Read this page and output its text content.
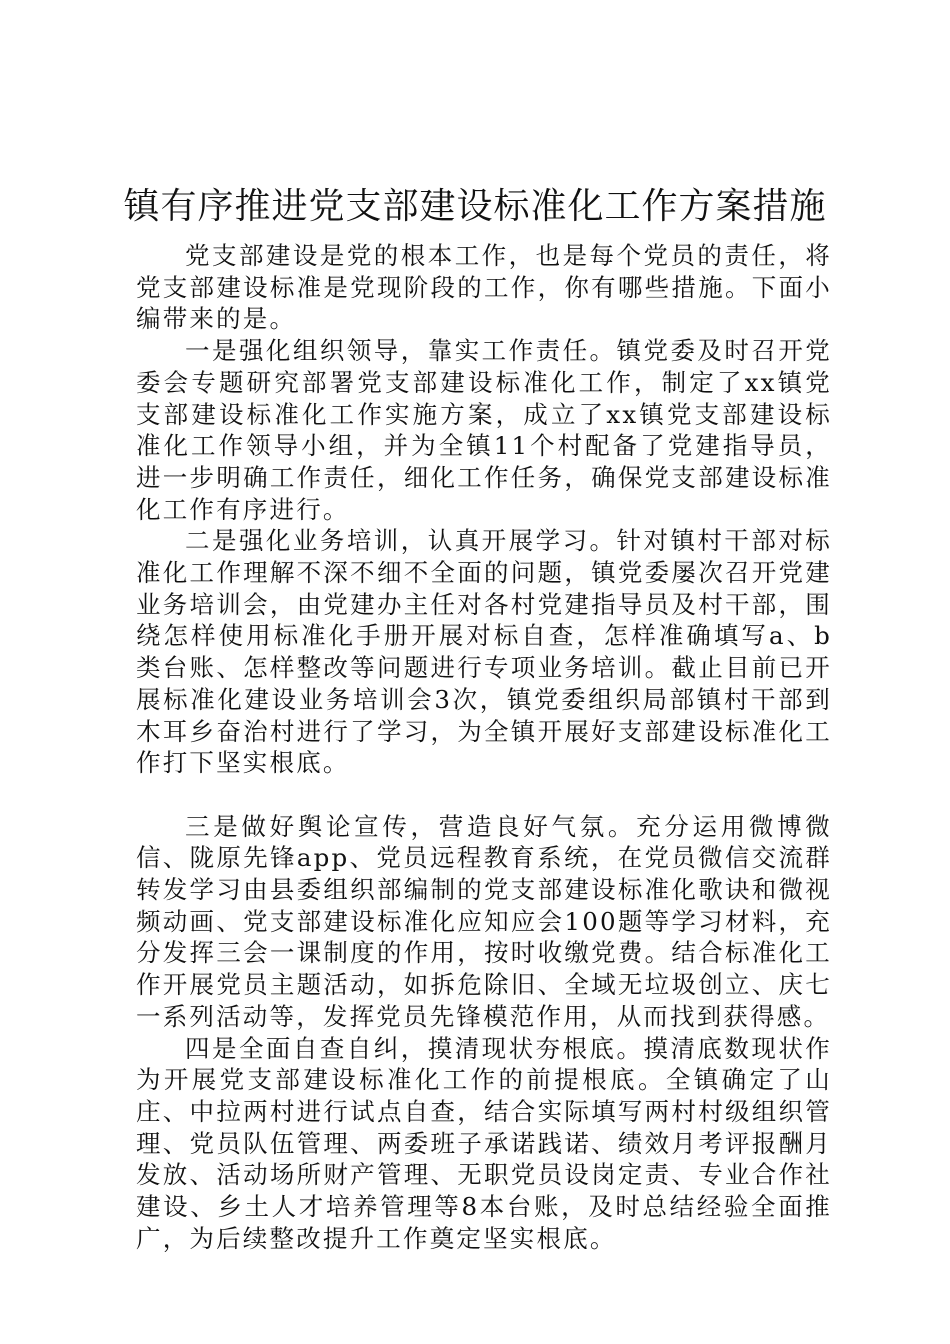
镇有序推进党支部建设标准化工作方案措施

党支部建设是党的根本工作，也是每个党员的责任，将党支部建设标准是党现阶段的工作，你有哪些措施。下面小编带来的是。

一是强化组织领导，靠实工作责任。镇党委及时召开党委会专题研究部署党支部建设标准化工作，制定了xx镇党支部建设标准化工作实施方案，成立了xx镇党支部建设标准化工作领导小组，并为全镇11个村配备了党建指导员，进一步明确工作责任，细化工作任务，确保党支部建设标准化工作有序进行。

二是强化业务培训，认真开展学习。针对镇村干部对标准化工作理解不深不细不全面的问题，镇党委屡次召开党建业务培训会，由党建办主任对各村党建指导员及村干部，围绕怎样使用标准化手册开展对标自查，怎样准确填写a、b类台账、怎样整改等问题进行专项业务培训。截止目前已开展标准化建设业务培训会3次，镇党委组织局部镇村干部到木耳乡奋治村进行了学习，为全镇开展好支部建设标准化工作打下坚实根底。

三是做好舆论宣传，营造良好气氛。充分运用微博微信、陇原先锋app、党员远程教育系统，在党员微信交流群转发学习由县委组织部编制的党支部建设标准化歌诀和微视频动画、党支部建设标准化应知应会100题等学习材料，充分发挥三会一课制度的作用，按时收缴党费。结合标准化工作开展党员主题活动，如拆危除旧、全域无垃圾创立、庆七一系列活动等，发挥党员先锋模范作用，从而找到获得感。

四是全面自查自纠，摸清现状夯根底。摸清底数现状作为开展党支部建设标准化工作的前提根底。全镇确定了山庄、中拉两村进行试点自查，结合实际填写两村村级组织管理、党员队伍管理、两委班子承诺践诺、绩效月考评报酬月发放、活动场所财产管理、无职党员设岗定责、专业合作社建设、乡土人才培养管理等8本台账，及时总结经验全面推广，为后续整改提升工作奠定坚实根底。
